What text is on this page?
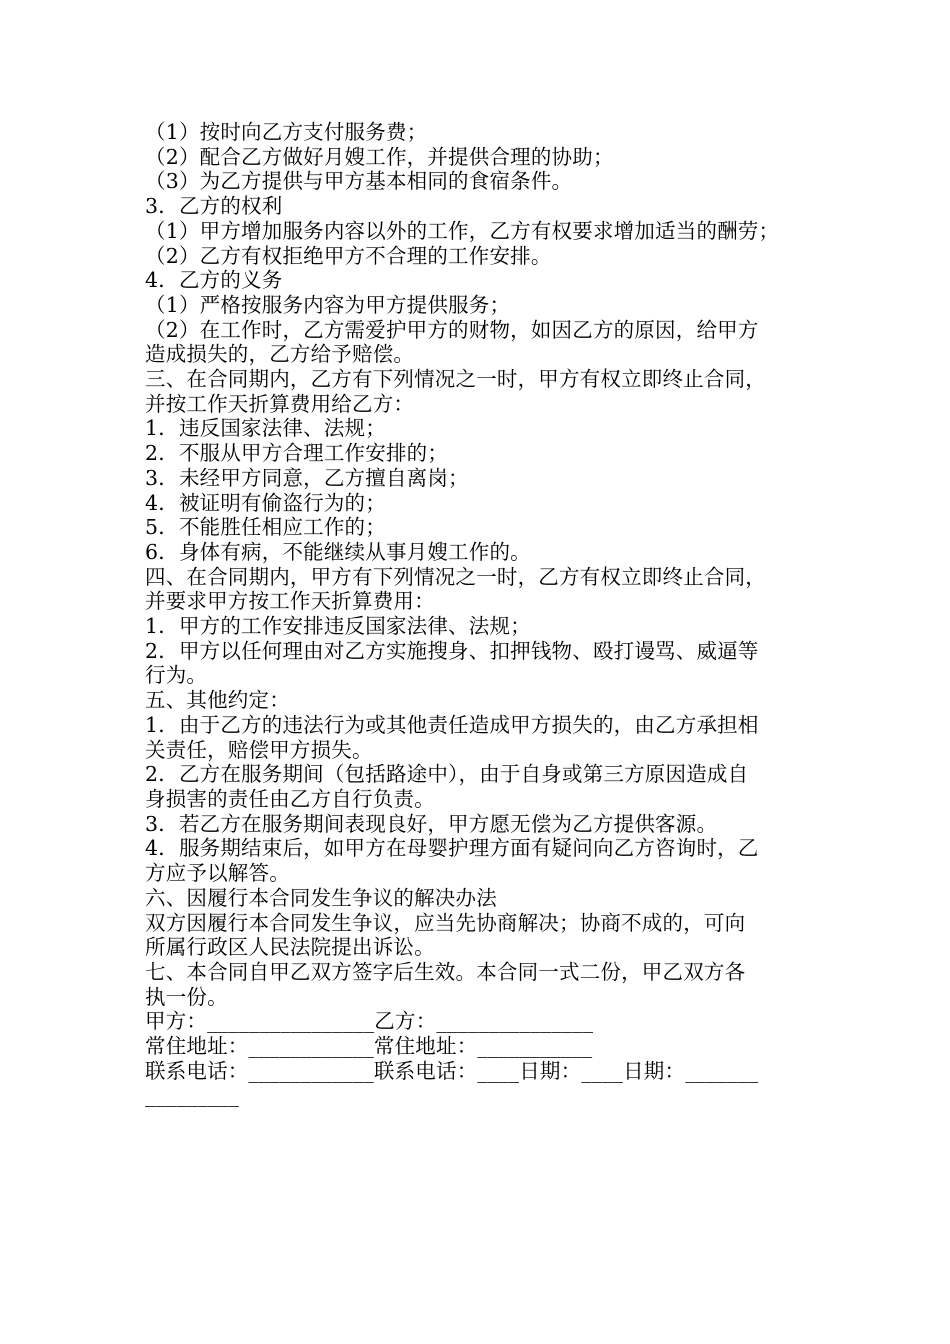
（1）按时向乙方支付服务费；
（2）配合乙方做好月嫂工作，并提供合理的协助；
（3）为乙方提供与甲方基本相同的食宿条件。
3．乙方的权利
（1）甲方增加服务内容以外的工作，乙方有权要求增加适当的酬劳；
（2）乙方有权拒绝甲方不合理的工作安排。
4．乙方的义务
（1）严格按服务内容为甲方提供服务；
（2）在工作时，乙方需爱护甲方的财物，如因乙方的原因，给甲方
造成损失的，乙方给予赔偿。
三、在合同期内，乙方有下列情况之一时，甲方有权立即终止合同，
并按工作天折算费用给乙方：
1．违反国家法律、法规；
2．不服从甲方合理工作安排的；
3．未经甲方同意，乙方擅自离岗；
4．被证明有偷盗行为的；
5．不能胜任相应工作的；
6．身体有病，不能继续从事月嫂工作的。
四、在合同期内，甲方有下列情况之一时，乙方有权立即终止合同，
并要求甲方按工作天折算费用：
1．甲方的工作安排违反国家法律、法规；
2．甲方以任何理由对乙方实施搜身、扣押钱物、殴打谩骂、威逼等
行为。
五、其他约定：
1．由于乙方的违法行为或其他责任造成甲方损失的，由乙方承担相
关责任，赔偿甲方损失。
2．乙方在服务期间（包括路途中），由于自身或第三方原因造成自
身损害的责任由乙方自行负责。
3．若乙方在服务期间表现良好，甲方愿无偿为乙方提供客源。
4．服务期结束后，如甲方在母婴护理方面有疑问向乙方咨询时，乙
方应予以解答。
六、因履行本合同发生争议的解决办法
双方因履行本合同发生争议，应当先协商解决；协商不成的，可向
所属行政区人民法院提出诉讼。
七、本合同自甲乙双方签字后生效。本合同一式二份，甲乙双方各
执一份。
甲方：________________乙方：_______________
常住地址：____________常住地址：___________
联系电话：____________联系电话：____日期：____日期：_______
_________
